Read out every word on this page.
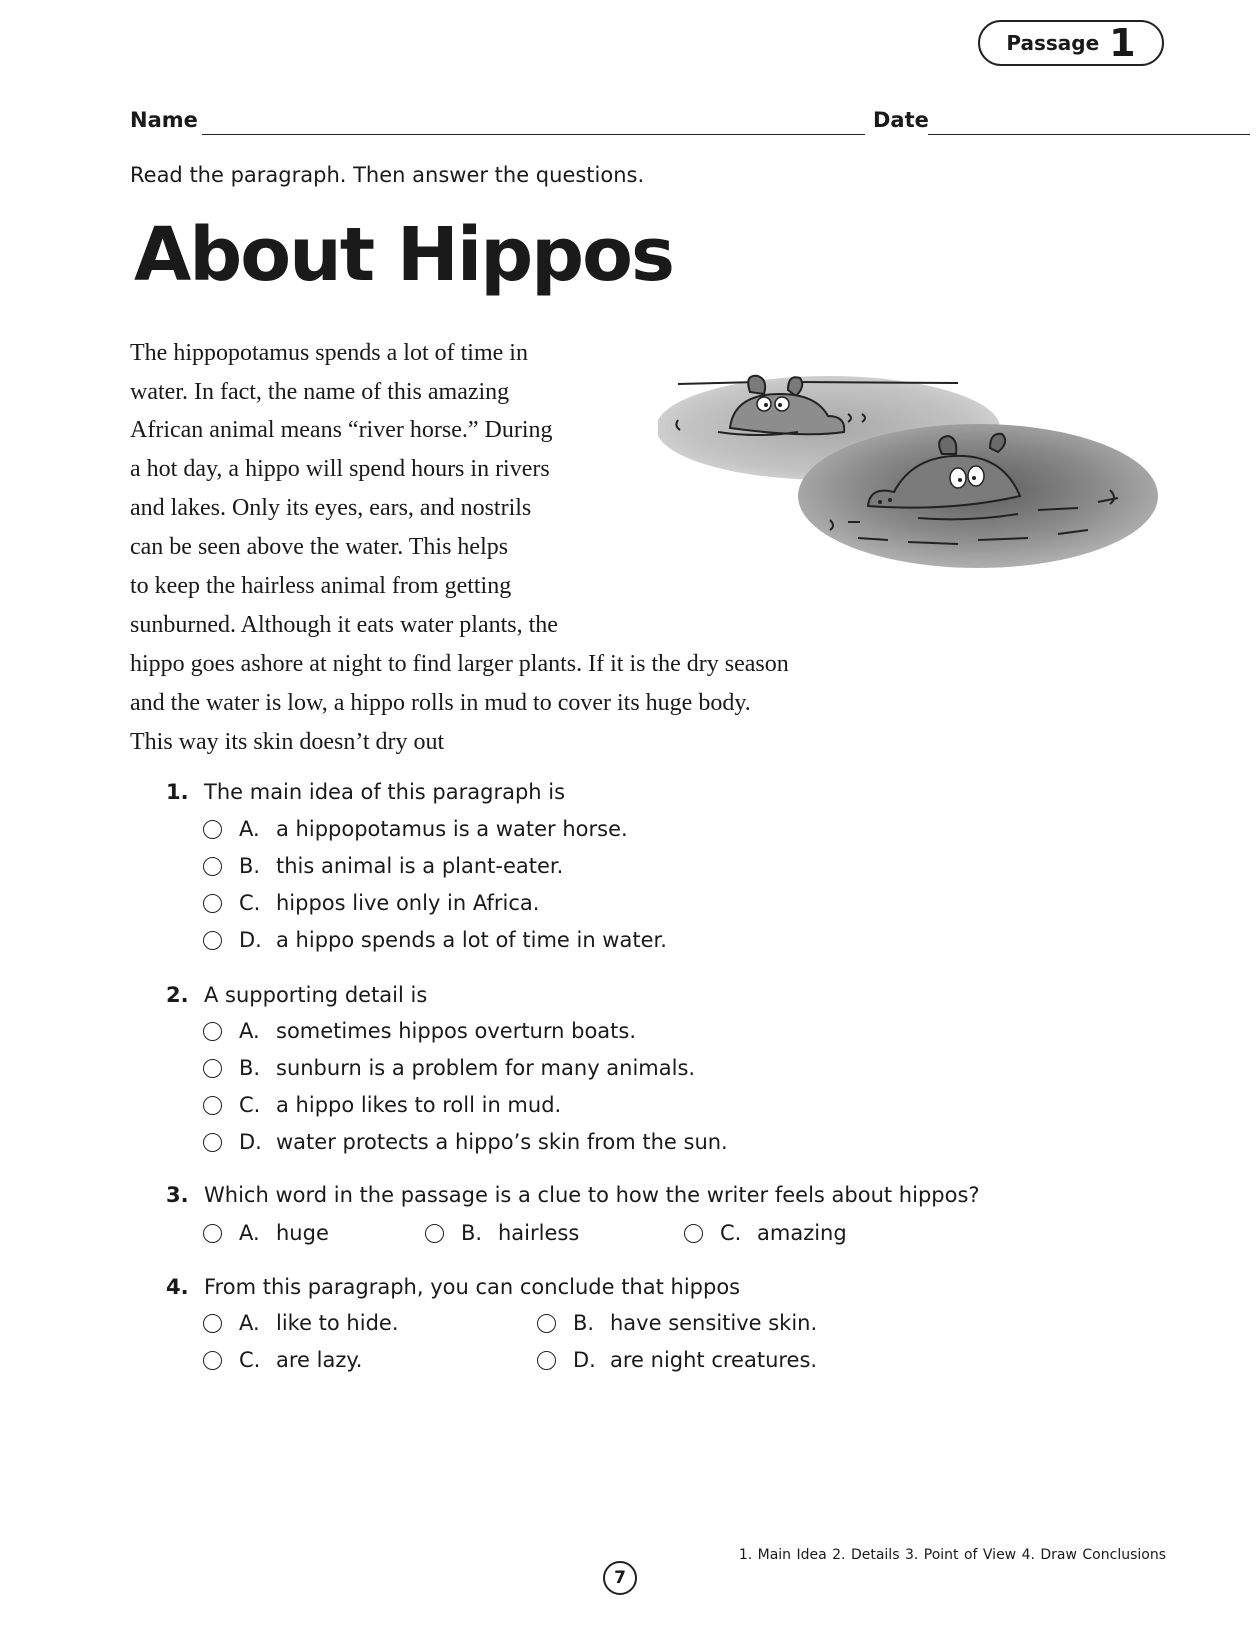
Passage 1
Name	Date
Read the paragraph. Then answer the questions.
About Hippos
The hippopotamus spends a lot of time in
water. In fact, the name of this amazing
African animal means “river horse.” During
a hot day, a hippo will spend hours in rivers
and lakes. Only its eyes, ears, and nostrils
can be seen above the water. This helps
to keep the hairless animal from getting
sunburned. Although it eats water plants, the
hippo goes ashore at night to find larger plants. If it is the dry season
and the water is low, a hippo rolls in mud to cover its huge body.
This way its skin doesn’t dry out
1. The main idea of this paragraph is
A. a hippopotamus is a water horse.
B. this animal is a plant-eater.
C. hippos live only in Africa.
D. a hippo spends a lot of time in water.
2. A supporting detail is
A. sometimes hippos overturn boats.
B. sunburn is a problem for many animals.
C. a hippo likes to roll in mud.
D. water protects a hippo’s skin from the sun.
3. Which word in the passage is a clue to how the writer feels about hippos?
A. huge	B. hairless	C. amazing
4. From this paragraph, you can conclude that hippos
A. like to hide.	B. have sensitive skin.
C. are lazy.	D. are night creatures.
1. Main Idea 2. Details 3. Point of View 4. Draw Conclusions
7
